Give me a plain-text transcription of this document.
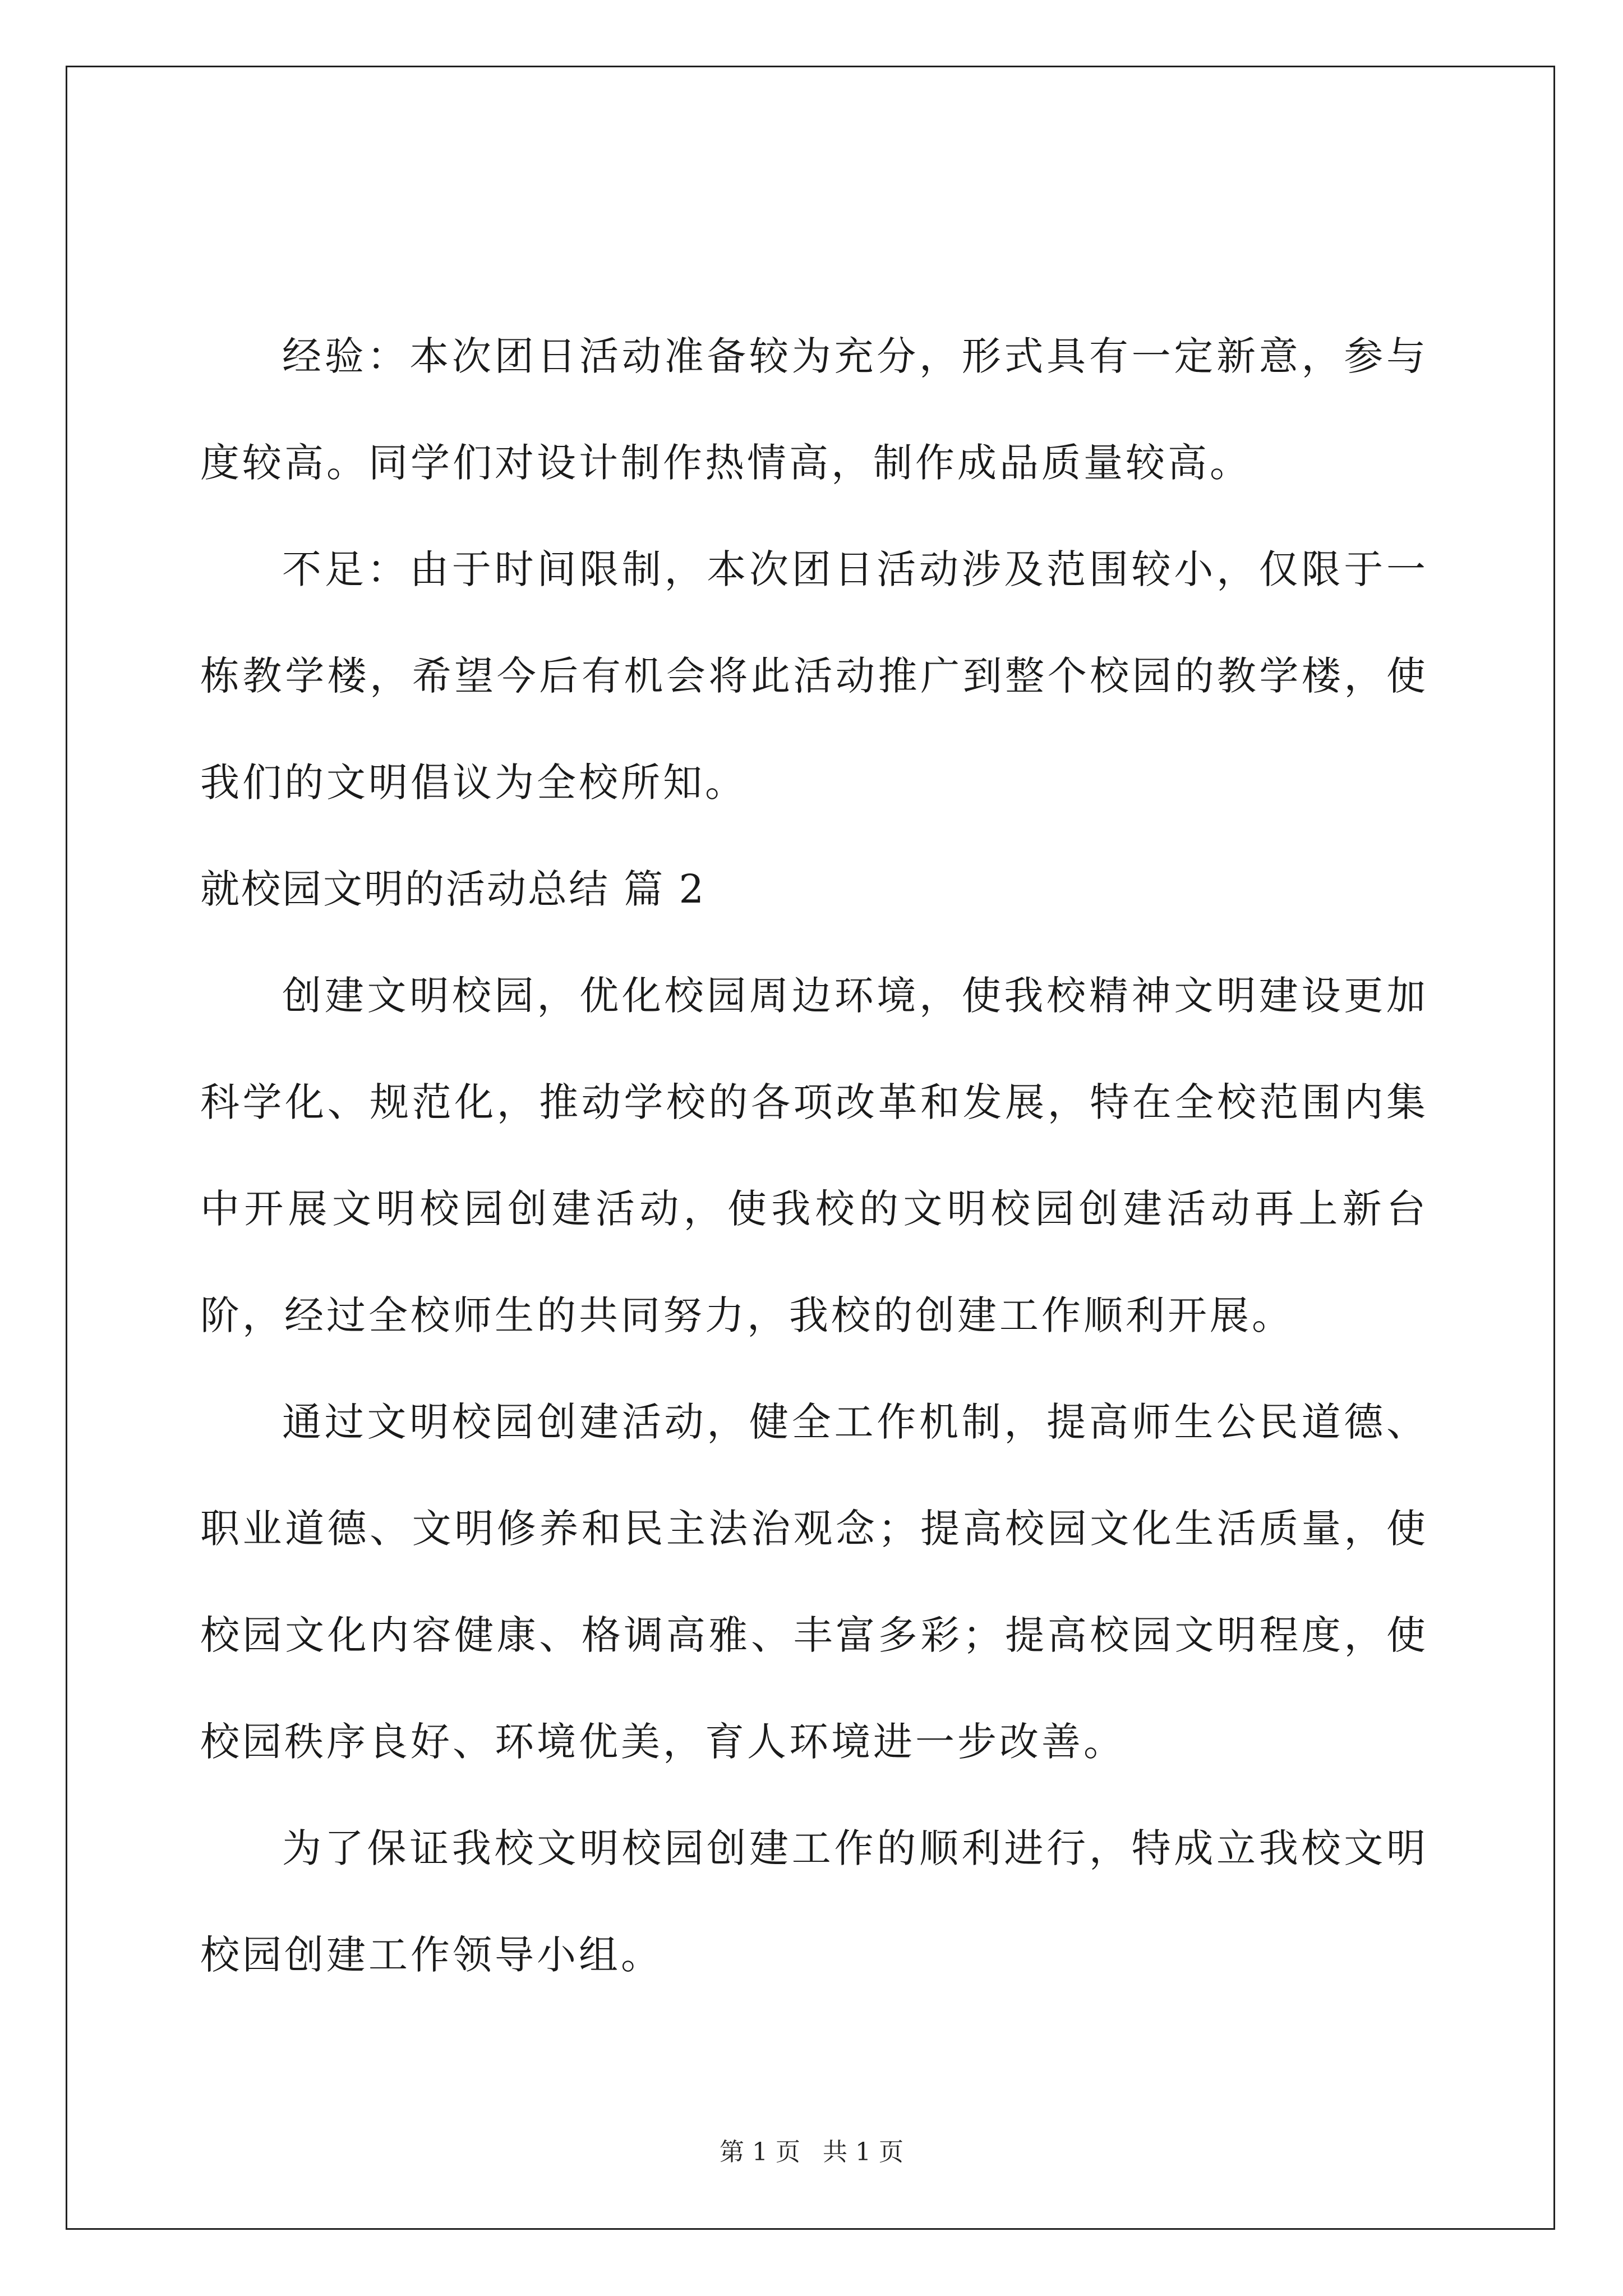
经验：本次团日活动准备较为充分，形式具有一定新意，参与度较高。同学们对设计制作热情高，制作成品质量较高。

不足：由于时间限制，本次团日活动涉及范围较小，仅限于一栋教学楼，希望今后有机会将此活动推广到整个校园的教学楼，使我们的文明倡议为全校所知。

就校园文明的活动总结 篇 2

创建文明校园，优化校园周边环境，使我校精神文明建设更加科学化、规范化，推动学校的各项改革和发展，特在全校范围内集中开展文明校园创建活动，使我校的文明校园创建活动再上新台阶，经过全校师生的共同努力，我校的创建工作顺利开展。

通过文明校园创建活动，健全工作机制，提高师生公民道德、职业道德、文明修养和民主法治观念；提高校园文化生活质量，使校园文化内容健康、格调高雅、丰富多彩；提高校园文明程度，使校园秩序良好、环境优美，育人环境进一步改善。

为了保证我校文明校园创建工作的顺利进行，特成立我校文明校园创建工作领导小组。

第 1 页 共 1 页
